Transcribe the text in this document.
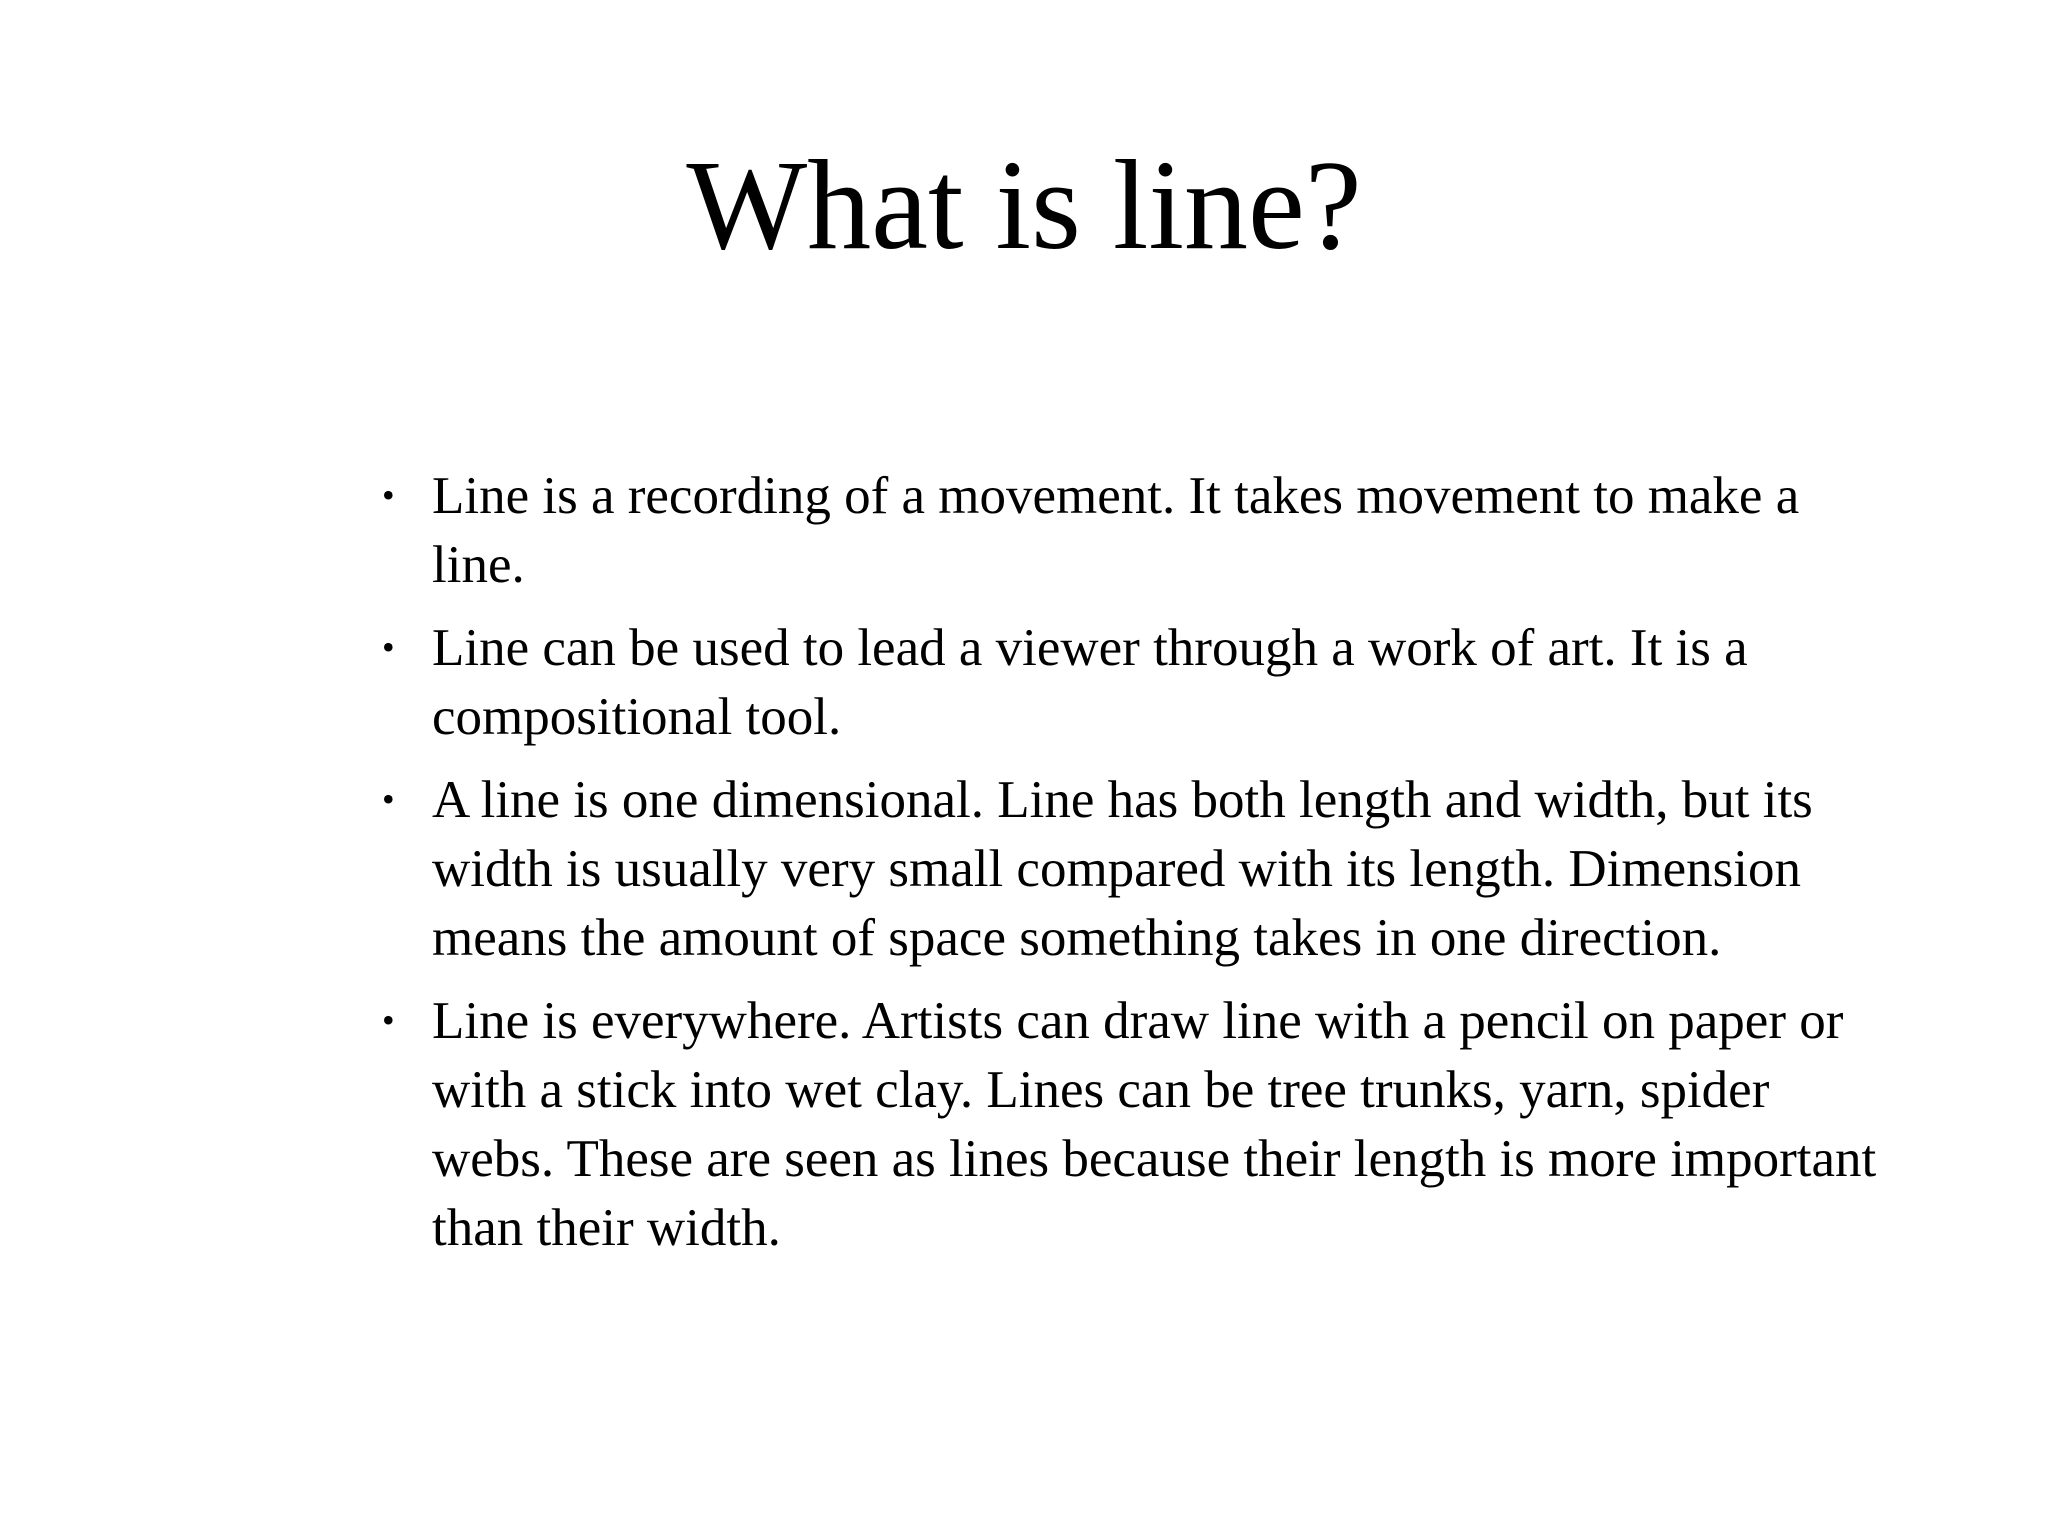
What is line?
• Line is a recording of a movement. It takes movement to make a line.
• Line can be used to lead a viewer through a work of art. It is a compositional tool.
• A line is one dimensional. Line has both length and width, but its width is usually very small compared with its length. Dimension means the amount of space something takes in one direction.
• Line is everywhere. Artists can draw line with a pencil on paper or with a stick into wet clay. Lines can be tree trunks, yarn, spider webs. These are seen as lines because their length is more important than their width.
